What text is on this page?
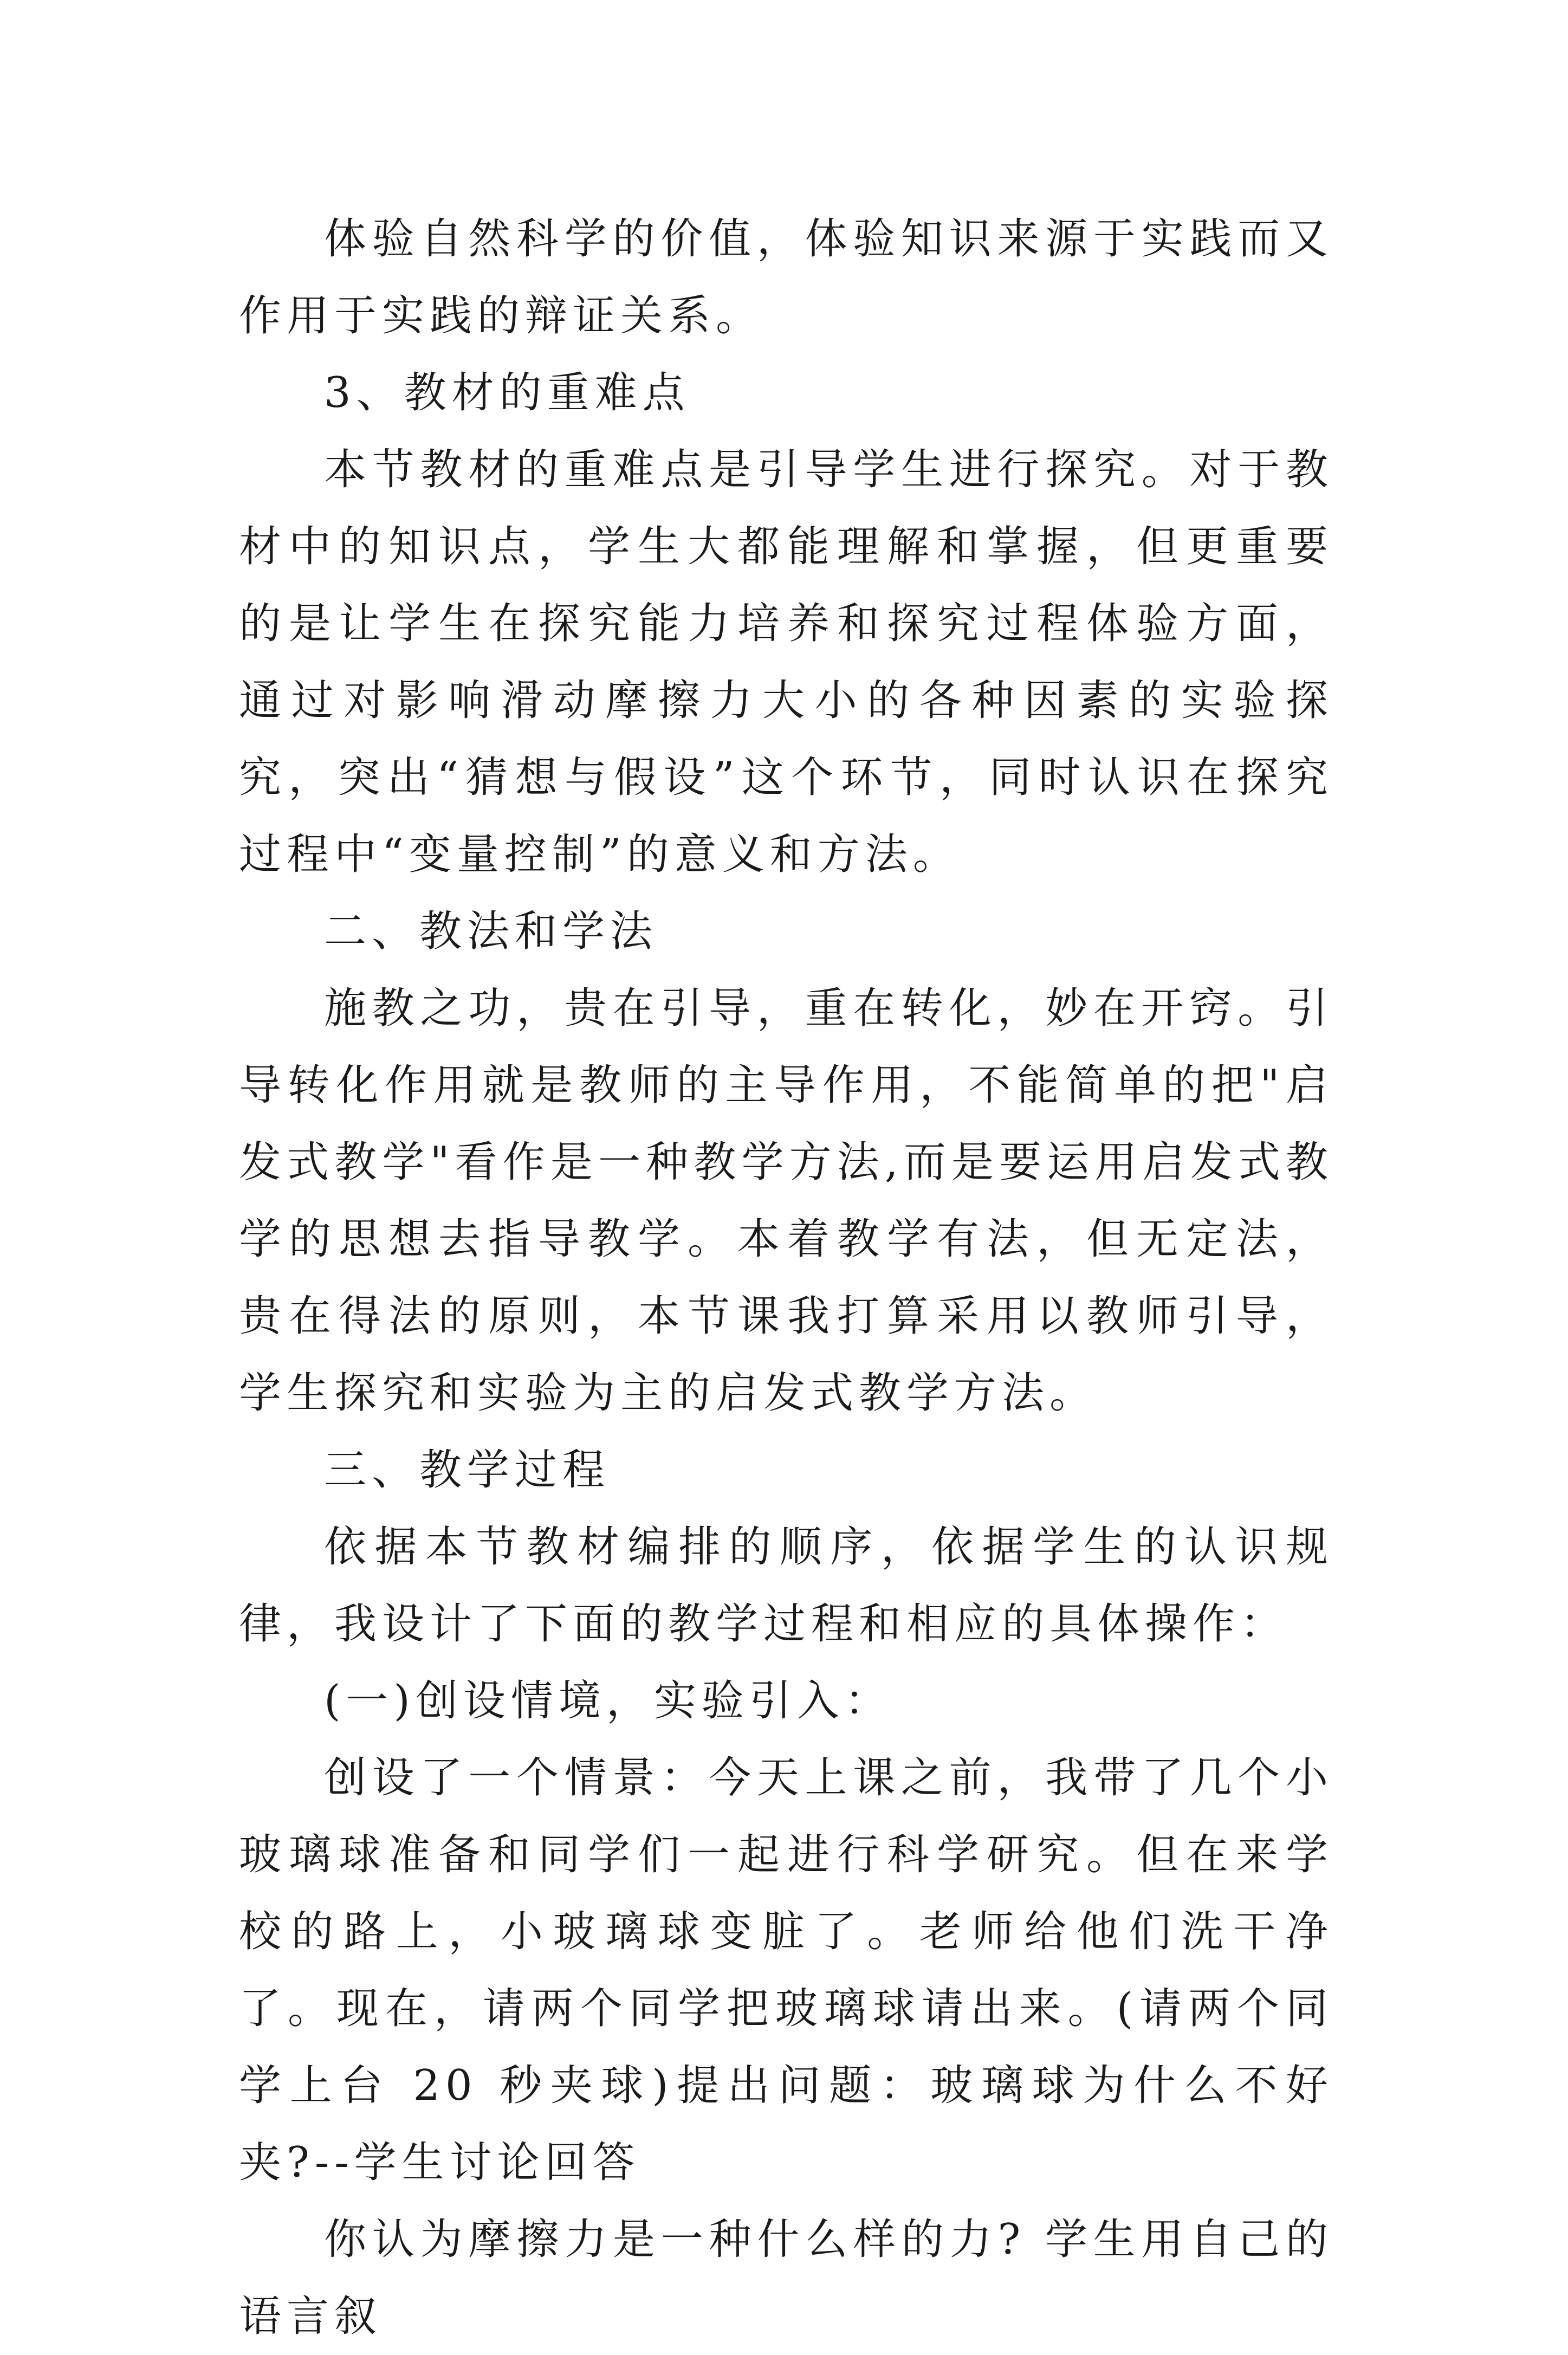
体验自然科学的价值，体验知识来源于实践而又作用于实践的辩证关系。

3、教材的重难点

本节教材的重难点是引导学生进行探究。对于教材中的知识点，学生大都能理解和掌握，但更重要的是让学生在探究能力培养和探究过程体验方面，通过对影响滑动摩擦力大小的各种因素的实验探究，突出“猜想与假设”这个环节，同时认识在探究过程中“变量控制”的意义和方法。

二、教法和学法

施教之功，贵在引导，重在转化，妙在开窍。引导转化作用就是教师的主导作用，不能简单的把"启发式教学"看作是一种教学方法,而是要运用启发式教学的思想去指导教学。本着教学有法，但无定法，贵在得法的原则，本节课我打算采用以教师引导，学生探究和实验为主的启发式教学方法。

三、教学过程

依据本节教材编排的顺序，依据学生的认识规律，我设计了下面的教学过程和相应的具体操作：

(一)创设情境，实验引入：

创设了一个情景：今天上课之前，我带了几个小玻璃球准备和同学们一起进行科学研究。但在来学校的路上，小玻璃球变脏了。老师给他们洗干净了。现在，请两个同学把玻璃球请出来。(请两个同学上台 20 秒夹球)提出问题：玻璃球为什么不好夹?--学生讨论回答

你认为摩擦力是一种什么样的力? 学生用自己的语言叙
